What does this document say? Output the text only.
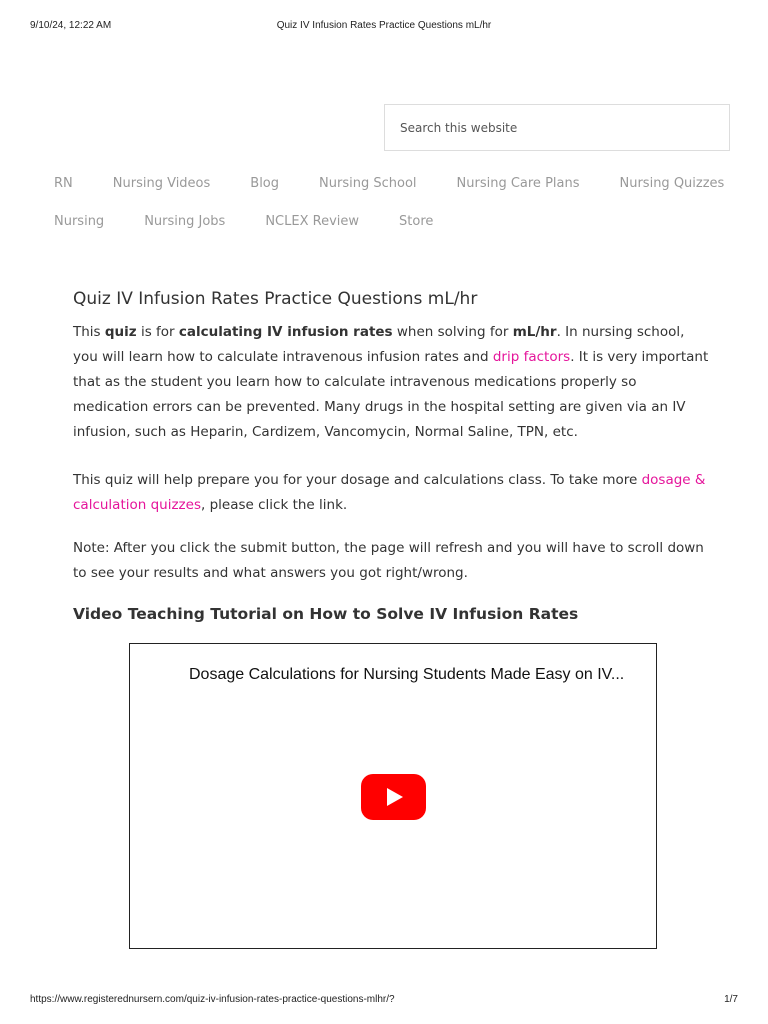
9/10/24, 12:22 AM	Quiz IV Infusion Rates Practice Questions mL/hr
Search this website
RN	Nursing Videos	Blog	Nursing School	Nursing Care Plans	Nursing Quizzes
Nursing	Nursing Jobs	NCLEX Review	Store
Quiz IV Infusion Rates Practice Questions mL/hr

This quiz is for calculating IV infusion rates when solving for mL/hr. In nursing school, you will learn how to calculate intravenous infusion rates and drip factors. It is very important that as the student you learn how to calculate intravenous medications properly so medication errors can be prevented. Many drugs in the hospital setting are given via an IV infusion, such as Heparin, Cardizem, Vancomycin, Normal Saline, TPN, etc.

This quiz will help prepare you for your dosage and calculations class. To take more dosage & calculation quizzes, please click the link.

Note: After you click the submit button, the page will refresh and you will have to scroll down to see your results and what answers you got right/wrong.

Video Teaching Tutorial on How to Solve IV Infusion Rates
Dosage Calculations for Nursing Students Made Easy on IV...
https://www.registerednursern.com/quiz-iv-infusion-rates-practice-questions-mlhr/?	1/7
